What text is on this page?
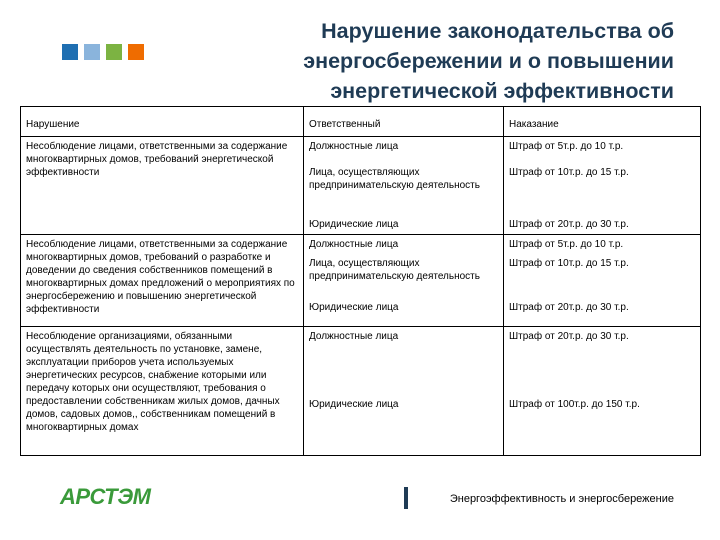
Нарушение законодательства об
энергосбережении и о повышении
энергетической эффективности
Нарушение	Ответственный	Наказание
Несоблюдение лицами, ответственными за содержание многоквартирных домов, требований энергетической эффективности	Должностные лица	Штраф от 5т.р. до 10 т.р.
	Лица, осуществляющих предпринимательскую деятельность	Штраф от 10т.р. до 15 т.р.
	Юридические лица	Штраф от 20т.р. до 30 т.р.
Несоблюдение лицами, ответственными за содержание многоквартирных домов, требований о разработке и доведении до сведения собственников помещений в многоквартирных домах предложений о мероприятиях по энергосбережению и повышению энергетической эффективности	Должностные лица	Штраф от 5т.р. до 10 т.р.
	Лица, осуществляющих предпринимательскую деятельность	Штраф от 10т.р. до 15 т.р.
	Юридические лица	Штраф от 20т.р. до 30 т.р.
Несоблюдение организациями, обязанными осуществлять деятельность по установке, замене, эксплуатации приборов учета используемых энергетических ресурсов, снабжение которыми или передачу которых они осуществляют, требования о предоставлении собственникам жилых домов, дачных домов, садовых домов,, собственникам помещений в многоквартирных домах	Должностные лица	Штраф от 20т.р. до 30 т.р.
	Юридические лица	Штраф от 100т.р. до 150 т.р.
АРСТЭМ	Энергоэффективность и энергосбережение
